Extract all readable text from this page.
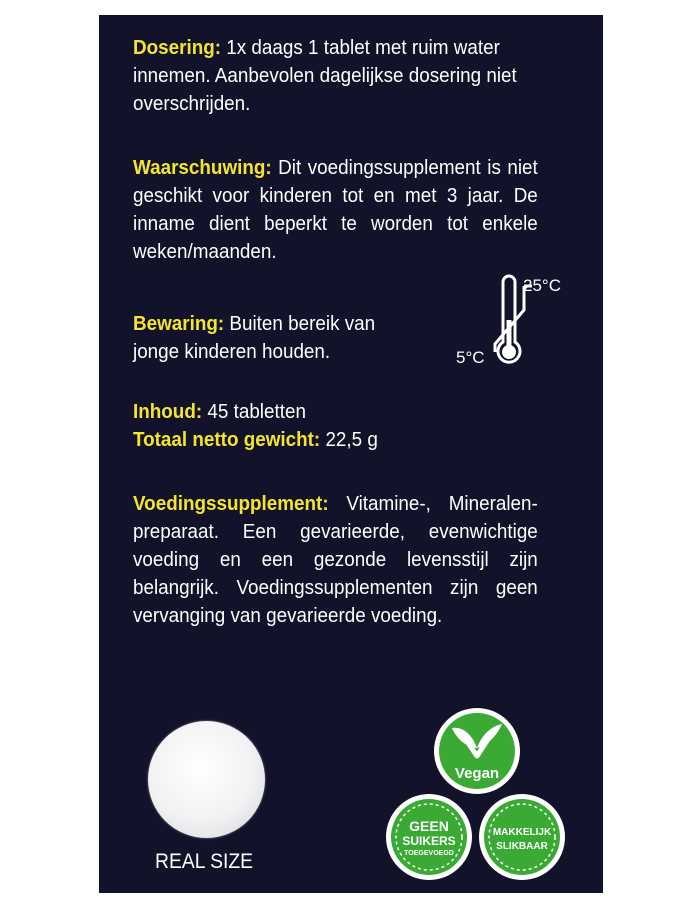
Dosering: 1x daags 1 tablet met ruim water innemen. Aanbevolen dagelijkse dosering niet overschrijden.
Waarschuwing: Dit voedingssupplement is niet geschikt voor kinderen tot en met 3 jaar. De inname dient beperkt te worden tot enkele weken/maanden.
Bewaring: Buiten bereik van jonge kinderen houden.
25°C
5°C
Inhoud: 45 tabletten
Totaal netto gewicht: 22,5 g
Voedingssupplement: Vitamine-, Mineralen-preparaat. Een gevarieerde, evenwichtige voeding en een gezonde levensstijl zijn belangrijk. Voedingssupplementen zijn geen vervanging van gevarieerde voeding.
REAL SIZE
Vegan
GEEN
SUIKERS
TOEGEVOEGD
MAKKELIJK
SLIKBAAR
